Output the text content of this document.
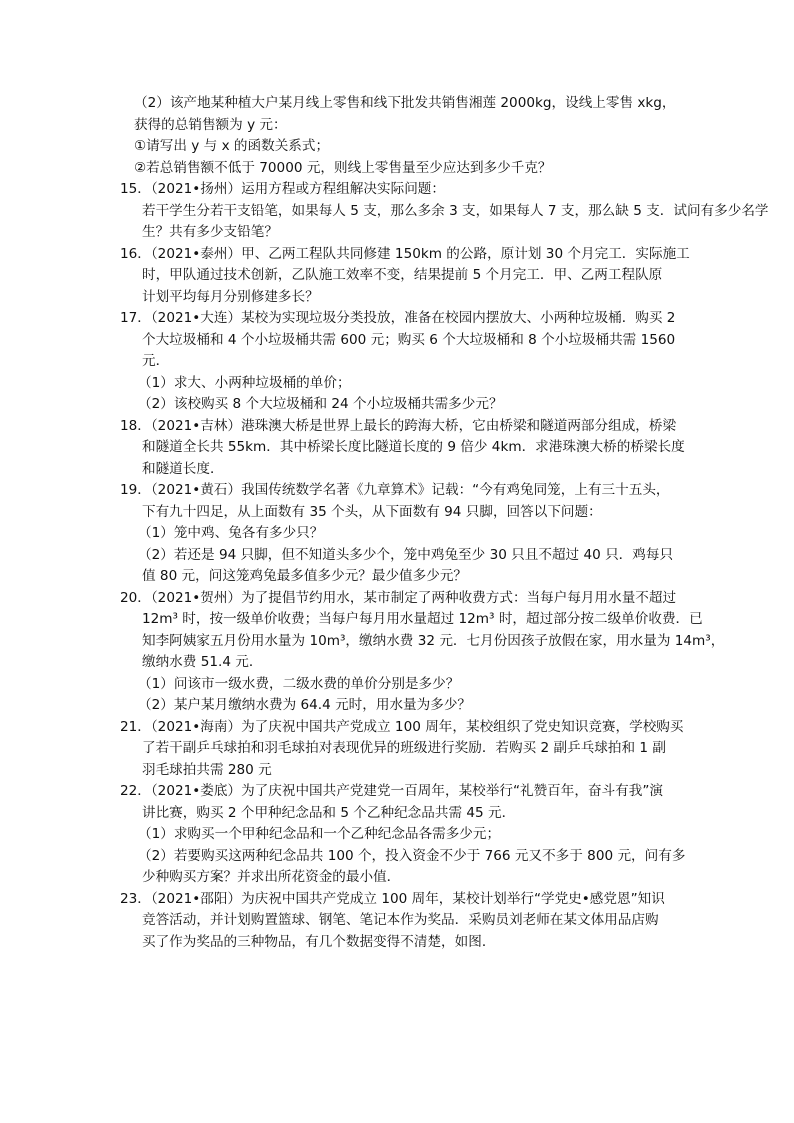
（2）该产地某种植大户某月线上零售和线下批发共销售湘莲 2000kg，设线上零售 xkg，
获得的总销售额为 y 元：
①请写出 y 与 x 的函数关系式；
②若总销售额不低于 70000 元，则线上零售量至少应达到多少千克？
15．（2021•扬州）运用方程或方程组解决实际问题：
若干学生分若干支铅笔，如果每人 5 支，那么多余 3 支，如果每人 7 支，那么缺 5 支．试问有多少名学
生？共有多少支铅笔？
16．（2021•泰州）甲、乙两工程队共同修建 150km 的公路，原计划 30 个月完工．实际施工
时，甲队通过技术创新，乙队施工效率不变，结果提前 5 个月完工．甲、乙两工程队原
计划平均每月分别修建多长？
17．（2021•大连）某校为实现垃圾分类投放，准备在校园内摆放大、小两种垃圾桶．购买 2
个大垃圾桶和 4 个小垃圾桶共需 600 元；购买 6 个大垃圾桶和 8 个小垃圾桶共需 1560
元．
（1）求大、小两种垃圾桶的单价；
（2）该校购买 8 个大垃圾桶和 24 个小垃圾桶共需多少元？
18．（2021•吉林）港珠澳大桥是世界上最长的跨海大桥，它由桥梁和隧道两部分组成，桥梁
和隧道全长共 55km．其中桥梁长度比隧道长度的 9 倍少 4km．求港珠澳大桥的桥梁长度
和隧道长度．
19．（2021•黄石）我国传统数学名著《九章算术》记载：“今有鸡兔同笼，上有三十五头，
下有九十四足，从上面数有 35 个头，从下面数有 94 只脚，回答以下问题：
（1）笼中鸡、兔各有多少只？
（2）若还是 94 只脚，但不知道头多少个，笼中鸡兔至少 30 只且不超过 40 只．鸡每只
值 80 元，问这笼鸡兔最多值多少元？最少值多少元？
20．（2021•贺州）为了提倡节约用水，某市制定了两种收费方式：当每户每月用水量不超过
12m³ 时，按一级单价收费；当每户每月用水量超过 12m³ 时，超过部分按二级单价收费．已
知李阿姨家五月份用水量为 10m³，缴纳水费 32 元．七月份因孩子放假在家，用水量为 14m³，
缴纳水费 51.4 元．
（1）问该市一级水费，二级水费的单价分别是多少？
（2）某户某月缴纳水费为 64.4 元时，用水量为多少？
21．（2021•海南）为了庆祝中国共产党成立 100 周年，某校组织了党史知识竞赛，学校购买
了若干副乒乓球拍和羽毛球拍对表现优异的班级进行奖励．若购买 2 副乒乓球拍和 1 副
羽毛球拍共需 280 元
22．（2021•娄底）为了庆祝中国共产党建党一百周年，某校举行“礼赞百年，奋斗有我”演
讲比赛，购买 2 个甲种纪念品和 5 个乙种纪念品共需 45 元．
（1）求购买一个甲种纪念品和一个乙种纪念品各需多少元；
（2）若要购买这两种纪念品共 100 个，投入资金不少于 766 元又不多于 800 元，问有多
少种购买方案？并求出所花资金的最小值．
23．（2021•邵阳）为庆祝中国共产党成立 100 周年，某校计划举行“学党史•感党恩”知识
竞答活动，并计划购置篮球、钢笔、笔记本作为奖品．采购员刘老师在某文体用品店购
买了作为奖品的三种物品，有几个数据变得不清楚，如图．
